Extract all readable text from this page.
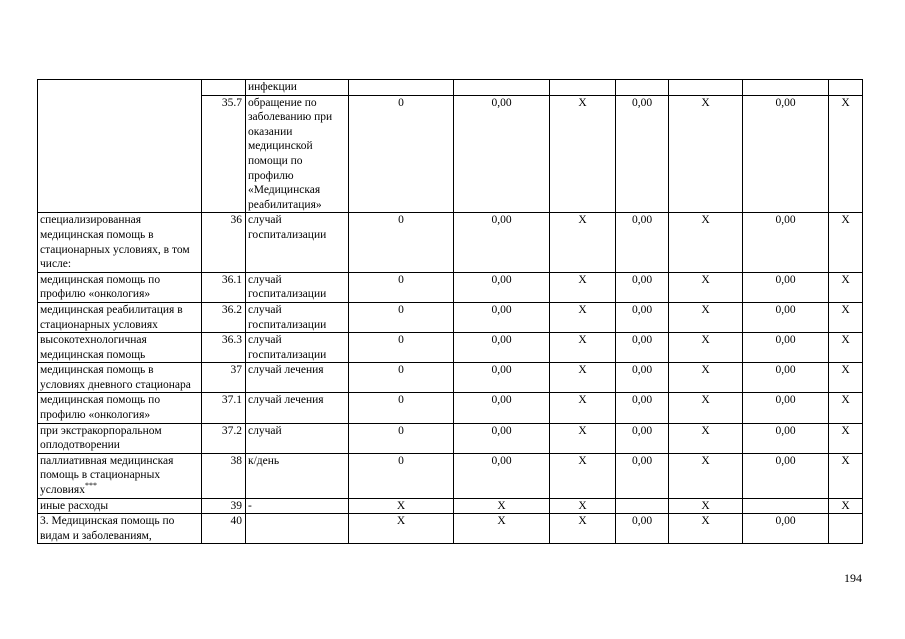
		инфекции							
	35.7	обращение по заболеванию при оказании медицинской помощи по профилю «Медицинская реабилитация»	0	0,00	Х	0,00	Х	0,00	Х
специализированная медицинская помощь в стационарных условиях, в том числе:	36	случай госпитализации	0	0,00	Х	0,00	Х	0,00	Х
медицинская помощь по профилю «онкология»	36.1	случай госпитализации	0	0,00	Х	0,00	Х	0,00	Х
медицинская реабилитация в стационарных условиях	36.2	случай госпитализации	0	0,00	Х	0,00	Х	0,00	Х
высокотехнологичная медицинская помощь	36.3	случай госпитализации	0	0,00	Х	0,00	Х	0,00	Х
медицинская помощь в условиях дневного стационара	37	случай лечения	0	0,00	Х	0,00	Х	0,00	Х
медицинская помощь по профилю «онкология»	37.1	случай лечения	0	0,00	Х	0,00	Х	0,00	Х
при экстракорпоральном оплодотворении	37.2	случай	0	0,00	Х	0,00	Х	0,00	Х
паллиативная медицинская помощь в стационарных условиях***	38	к/день	0	0,00	Х	0,00	Х	0,00	Х
иные расходы	39	-	Х	Х	Х		Х		Х
3. Медицинская помощь по видам и заболеваниям,	40		Х	Х	Х	0,00	Х	0,00	
194
